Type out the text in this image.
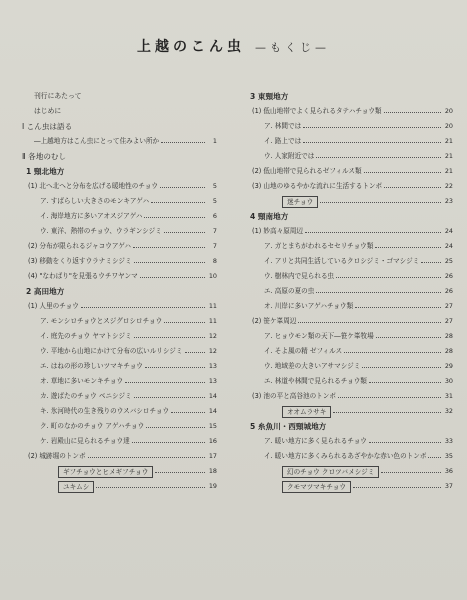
上越のこん虫 —もくじ—
刊行にあたって
はじめに
Ⅰ こん虫は語る
―上越地方はこん虫にとって住みよい所か	1
Ⅱ 各地のむし
1 頸北地方
(1) 北へ北へと分布を広げる暖地性のチョウ	5
ア. すばらしい大きさのモンキアゲハ	5
イ. 海岸地方に多いアオスジアゲハ	6
ウ. 東洋、熱帯のチョウ、ウラギンシジミ	7
(2) 分布が限られるジャコウアゲハ	7
(3) 移動をくり返すウラナミシジミ	8
(4) "なわばり"を見張るウチワヤンマ	10
2 高田地方
(1) 人里のチョウ	11
ア. モンシロチョウとスジグロシロチョウ	11
イ. 庭先のチョウ ヤマトシジミ	12
ウ. 平地から山地にかけて分布の広いルリシジミ	12
エ. はねの形の珍しいツマキチョウ	13
オ. 草地に多いモンキチョウ	13
カ. 遊ばたのチョウ ベニシジミ	14
キ. 氷河時代の生き残りのウスバシロチョウ	14
ク. 町のなかのチョウ アゲハチョウ	15
ケ. 岩殿山に見られるチョウ達	16
(2) 城跡堀のトンボ	17
ギフチョウとヒメギフチョウ	18
ユキムシ	19
3 東頸地方
(1) 低山地帯でよく見られるタテハチョウ類	20
ア. 林間では	20
イ. 路上では	21
ウ. 人家附近では	21
(2) 低山地帯で見られるゼフィルス類	21
(3) 山地のゆるやかな流れに生活するトンボ	22
迷チョウ	23
4 頸南地方
(1) 妙高々原周辺	24
ア. ガとまちがわれるセセリチョウ類	24
イ. アリと共同生活しているクロシジミ・ゴマシジミ	25
ウ. 樹林内で見られる虫	26
エ. 高原の夏の虫	26
オ. 川岸に多いアゲハチョウ類	27
(2) 笹ケ峯周辺	27
ア. ヒョウモン類の天下―笹ケ峯牧場	28
イ. そよ風の精 ゼフィルス	28
ウ. 地域差の大きいアサマシジミ	29
エ. 林道や林間で見られるチョウ類	30
(3) 池の平と高谷池のトンボ	31
オオムラサキ	32
5 糸魚川・西頸城地方
ア. 暖い地方に多く見られるチョウ	33
イ. 暖い地方に多くみられるあざやかな赤い色のトンボ	35
幻のチョウ クロツバメシジミ	36
クモマツマキチョウ	37
